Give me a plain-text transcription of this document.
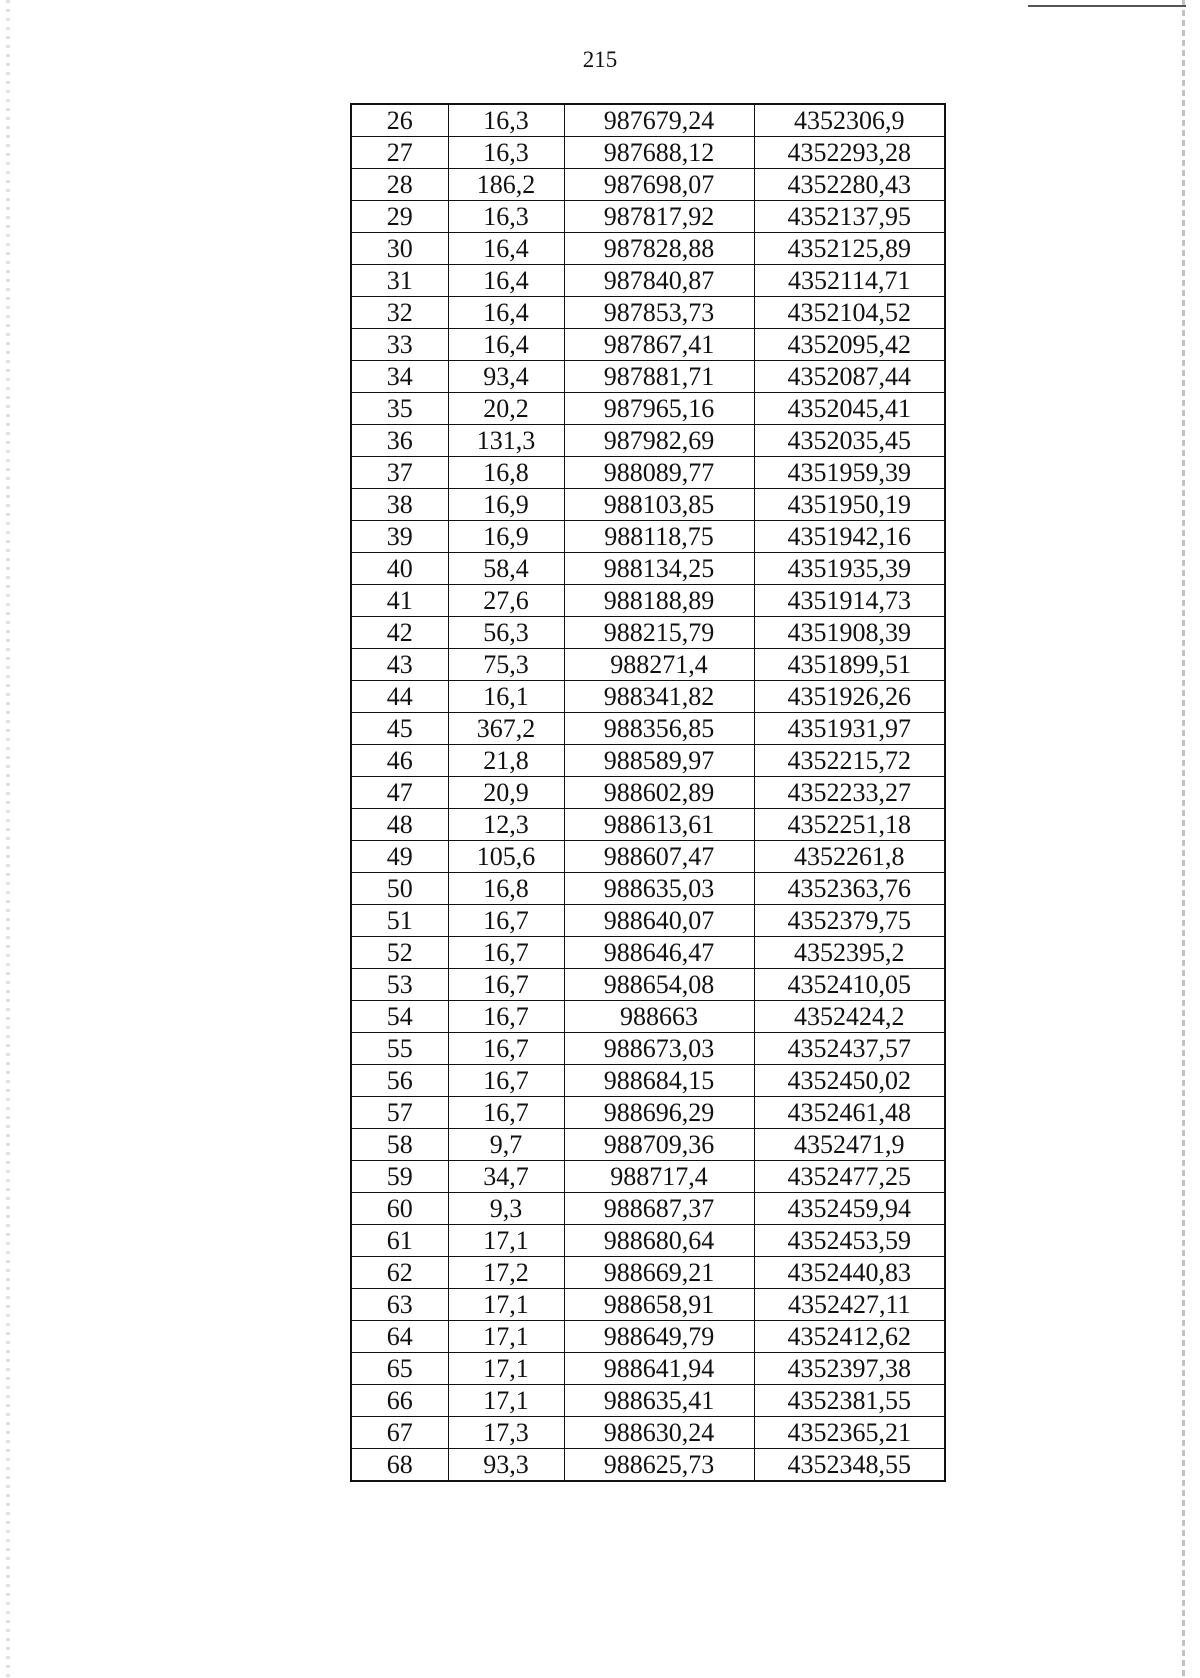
215
26	16,3	987679,24	4352306,9
27	16,3	987688,12	4352293,28
28	186,2	987698,07	4352280,43
29	16,3	987817,92	4352137,95
30	16,4	987828,88	4352125,89
31	16,4	987840,87	4352114,71
32	16,4	987853,73	4352104,52
33	16,4	987867,41	4352095,42
34	93,4	987881,71	4352087,44
35	20,2	987965,16	4352045,41
36	131,3	987982,69	4352035,45
37	16,8	988089,77	4351959,39
38	16,9	988103,85	4351950,19
39	16,9	988118,75	4351942,16
40	58,4	988134,25	4351935,39
41	27,6	988188,89	4351914,73
42	56,3	988215,79	4351908,39
43	75,3	988271,4	4351899,51
44	16,1	988341,82	4351926,26
45	367,2	988356,85	4351931,97
46	21,8	988589,97	4352215,72
47	20,9	988602,89	4352233,27
48	12,3	988613,61	4352251,18
49	105,6	988607,47	4352261,8
50	16,8	988635,03	4352363,76
51	16,7	988640,07	4352379,75
52	16,7	988646,47	4352395,2
53	16,7	988654,08	4352410,05
54	16,7	988663	4352424,2
55	16,7	988673,03	4352437,57
56	16,7	988684,15	4352450,02
57	16,7	988696,29	4352461,48
58	9,7	988709,36	4352471,9
59	34,7	988717,4	4352477,25
60	9,3	988687,37	4352459,94
61	17,1	988680,64	4352453,59
62	17,2	988669,21	4352440,83
63	17,1	988658,91	4352427,11
64	17,1	988649,79	4352412,62
65	17,1	988641,94	4352397,38
66	17,1	988635,41	4352381,55
67	17,3	988630,24	4352365,21
68	93,3	988625,73	4352348,55
